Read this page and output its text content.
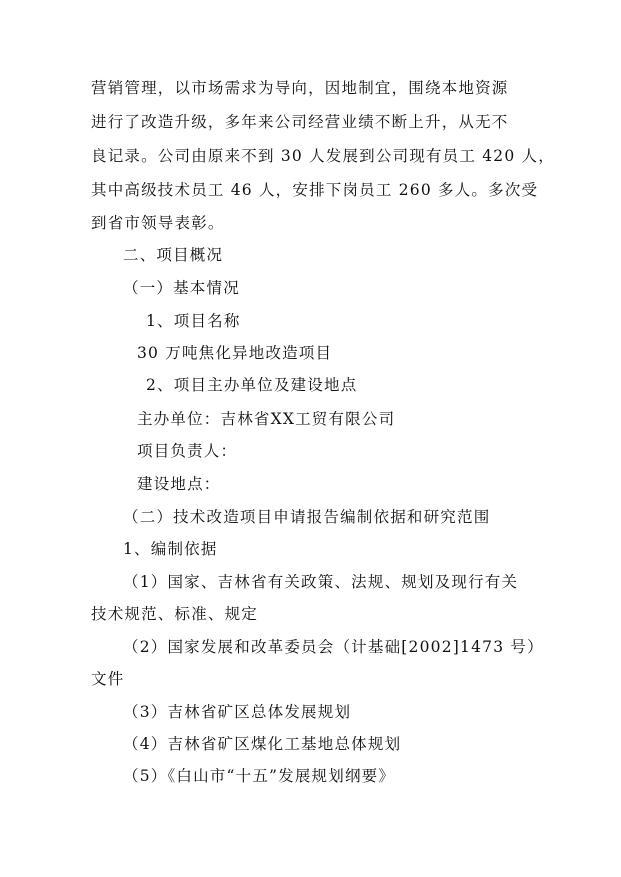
营销管理，以市场需求为导向，因地制宜，围绕本地资源
进行了改造升级，多年来公司经营业绩不断上升，从无不
良记录。公司由原来不到 30 人发展到公司现有员工 420 人，
其中高级技术员工 46 人，安排下岗员工 260 多人。多次受
到省市领导表彰。
二、项目概况
（一）基本情况
1、项目名称
30 万吨焦化异地改造项目
2、项目主办单位及建设地点
主办单位：吉林省XX工贸有限公司
项目负责人：
建设地点：
（二）技术改造项目申请报告编制依据和研究范围
1、编制依据
（1）国家、吉林省有关政策、法规、规划及现行有关
技术规范、标准、规定
（2）国家发展和改革委员会（计基础[2002]1473 号）
文件
（3）吉林省矿区总体发展规划
（4）吉林省矿区煤化工基地总体规划
（5）《白山市“十五”发展规划纲要》
